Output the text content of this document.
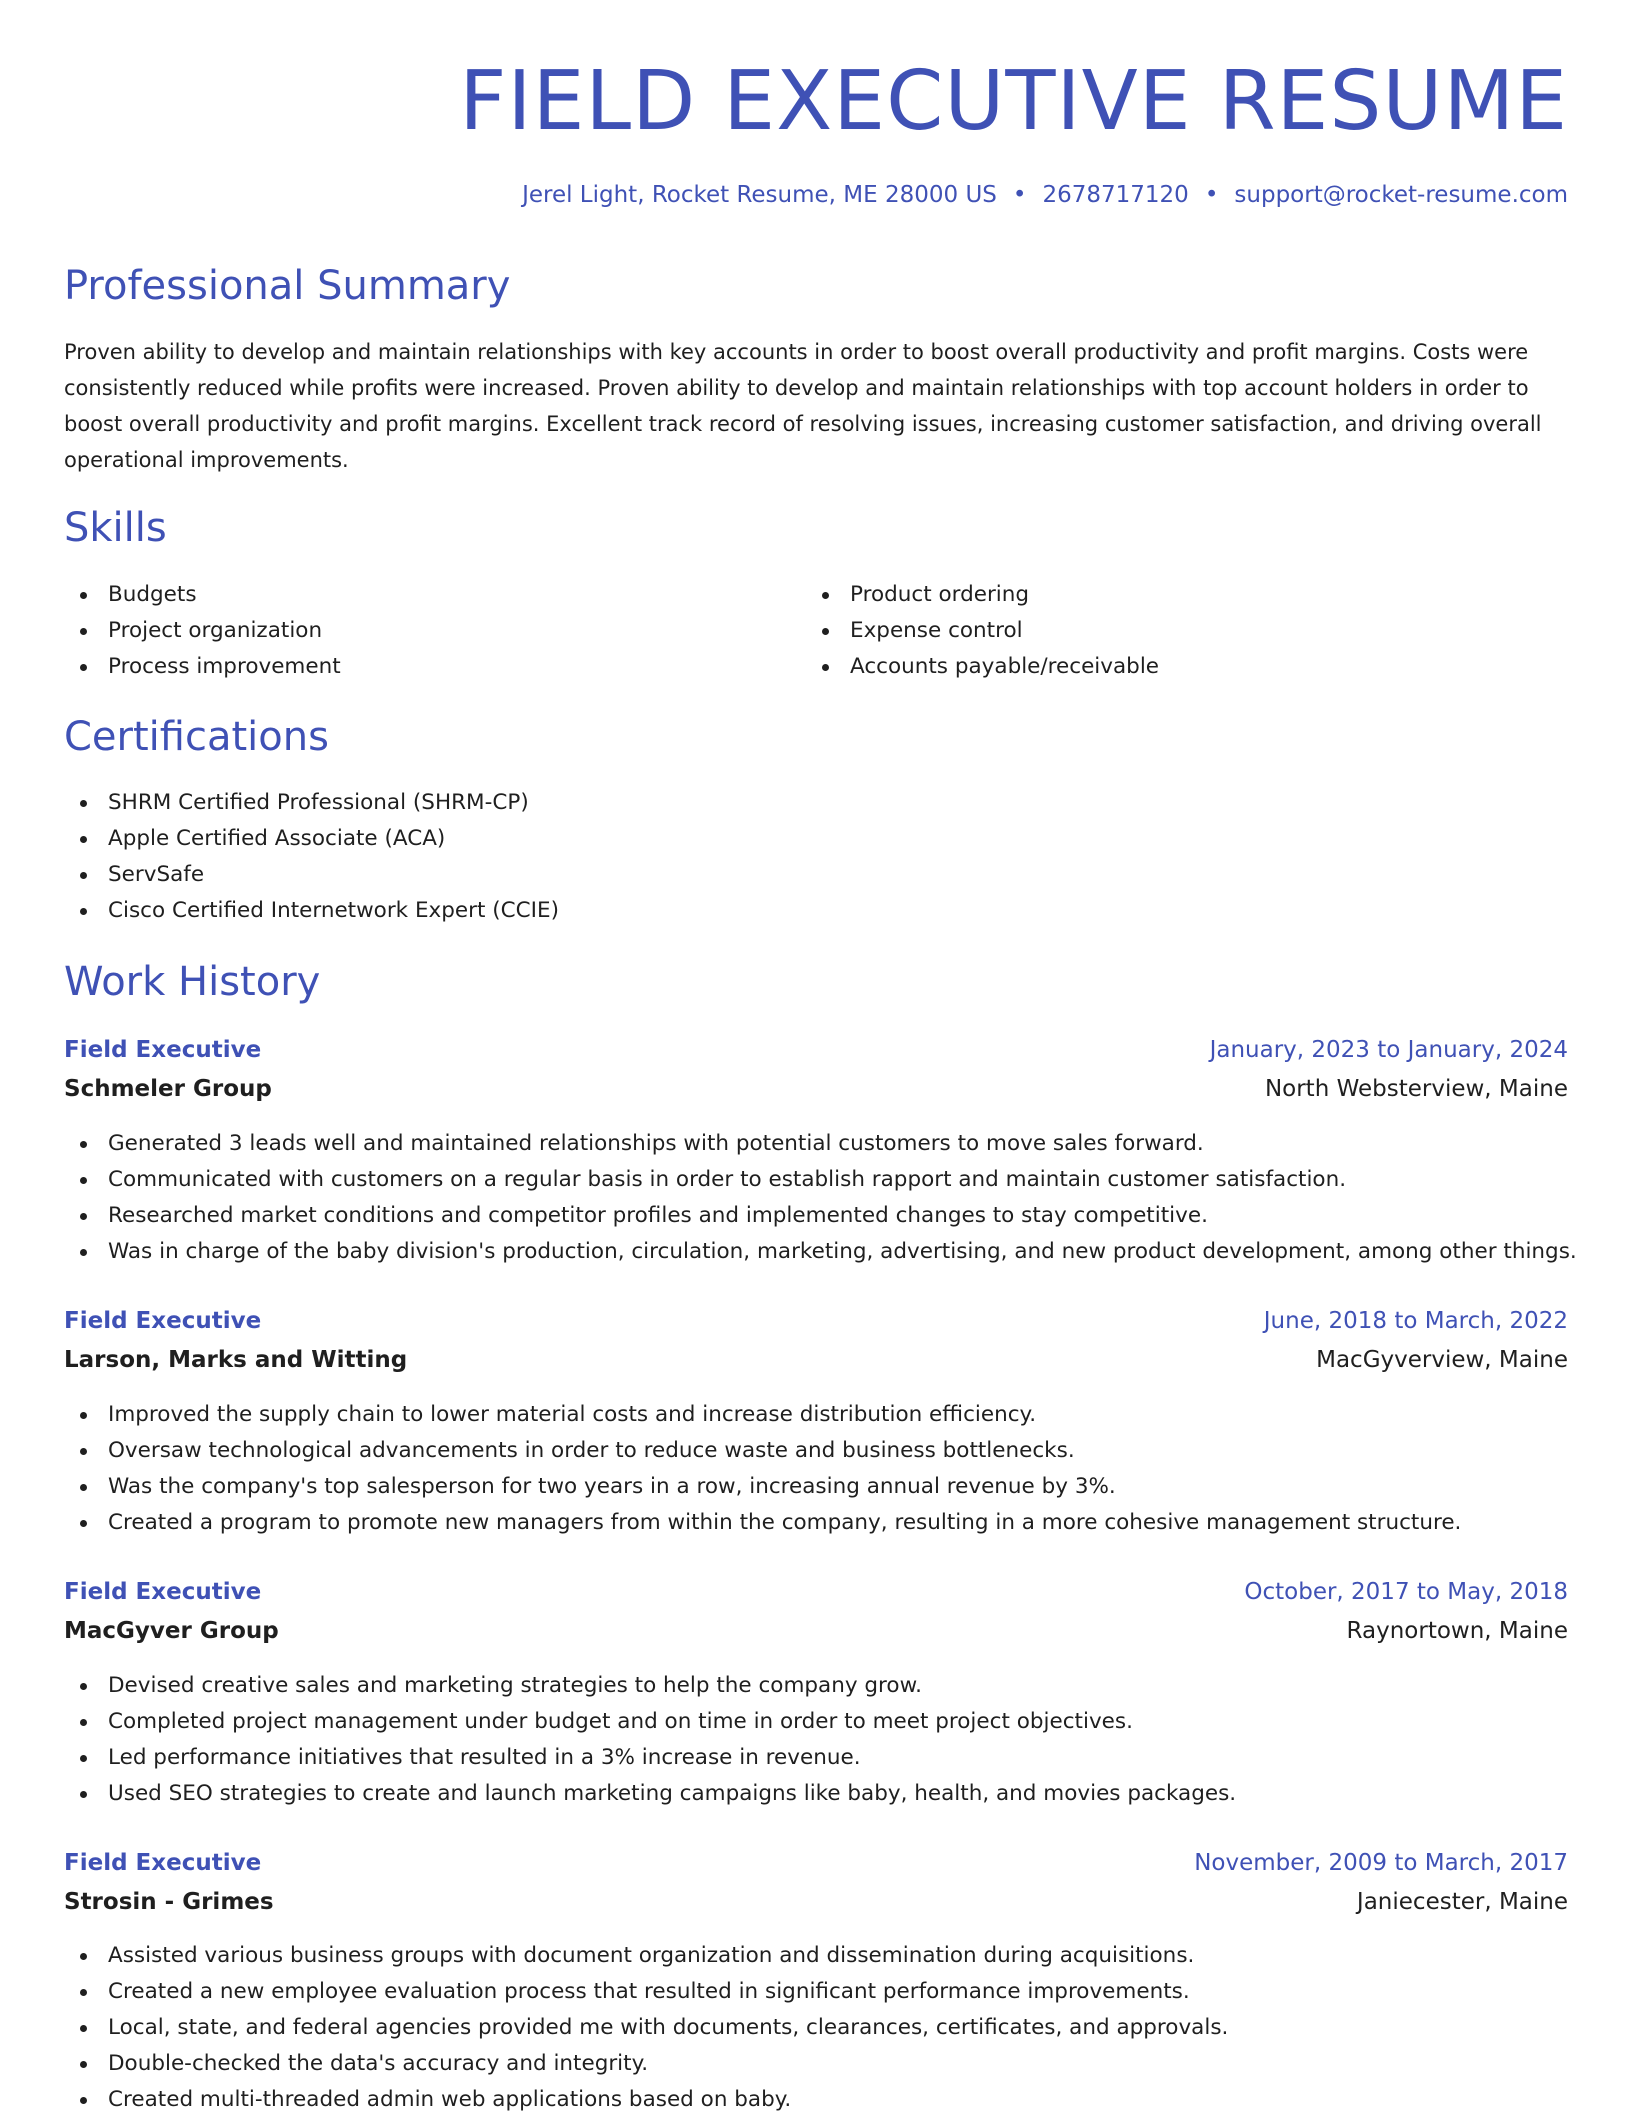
FIELD EXECUTIVE RESUME
Jerel Light, Rocket Resume, ME 28000 US • 2678717120 • support@rocket-resume.com
Professional Summary

Proven ability to develop and maintain relationships with key accounts in order to boost overall productivity and profit margins. Costs were consistently reduced while profits were increased. Proven ability to develop and maintain relationships with top account holders in order to boost overall productivity and profit margins. Excellent track record of resolving issues, increasing customer satisfaction, and driving overall operational improvements.

Skills
Budgets
Project organization
Process improvement
Product ordering
Expense control
Accounts payable/receivable
Certifications
SHRM Certified Professional (SHRM-CP)
Apple Certified Associate (ACA)
ServSafe
Cisco Certified Internetwork Expert (CCIE)
Work History
Field Executive	January, 2023 to January, 2024
Schmeler Group	North Websterview, Maine
Generated 3 leads well and maintained relationships with potential customers to move sales forward.
Communicated with customers on a regular basis in order to establish rapport and maintain customer satisfaction.
Researched market conditions and competitor profiles and implemented changes to stay competitive.
Was in charge of the baby division's production, circulation, marketing, advertising, and new product development, among other things.
Field Executive	June, 2018 to March, 2022
Larson, Marks and Witting	MacGyverview, Maine
Improved the supply chain to lower material costs and increase distribution efficiency.
Oversaw technological advancements in order to reduce waste and business bottlenecks.
Was the company's top salesperson for two years in a row, increasing annual revenue by 3%.
Created a program to promote new managers from within the company, resulting in a more cohesive management structure.
Field Executive	October, 2017 to May, 2018
MacGyver Group	Raynortown, Maine
Devised creative sales and marketing strategies to help the company grow.
Completed project management under budget and on time in order to meet project objectives.
Led performance initiatives that resulted in a 3% increase in revenue.
Used SEO strategies to create and launch marketing campaigns like baby, health, and movies packages.
Field Executive	November, 2009 to March, 2017
Strosin - Grimes	Janiecester, Maine
Assisted various business groups with document organization and dissemination during acquisitions.
Created a new employee evaluation process that resulted in significant performance improvements.
Local, state, and federal agencies provided me with documents, clearances, certificates, and approvals.
Double-checked the data's accuracy and integrity.
Created multi-threaded admin web applications based on baby.
